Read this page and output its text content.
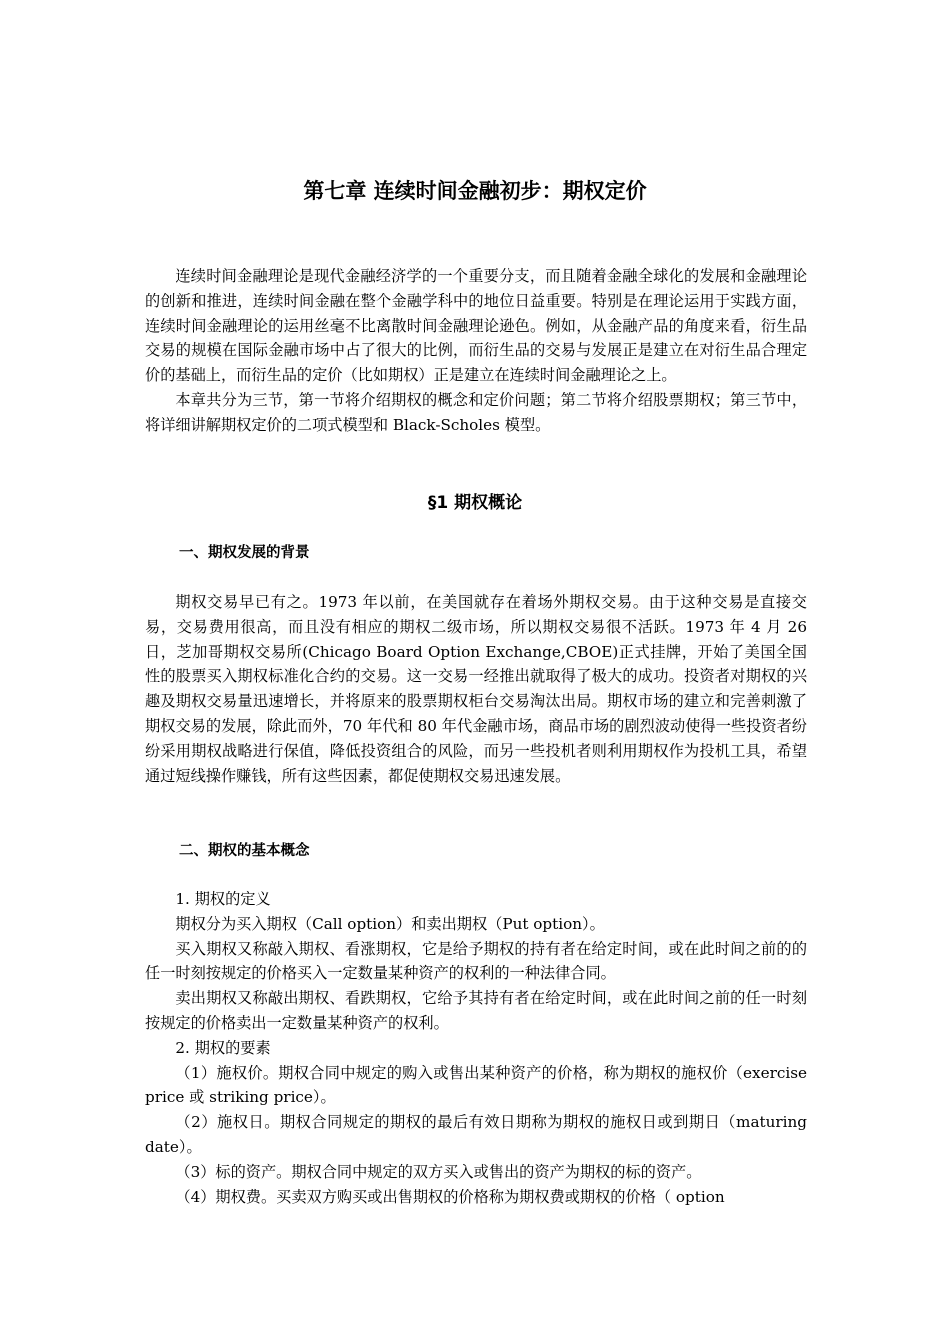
第七章 连续时间金融初步：期权定价

连续时间金融理论是现代金融经济学的一个重要分支，而且随着金融全球化的发展和金融理论的创新和推进，连续时间金融在整个金融学科中的地位日益重要。特别是在理论运用于实践方面，连续时间金融理论的运用丝毫不比离散时间金融理论逊色。例如，从金融产品的角度来看，衍生品交易的规模在国际金融市场中占了很大的比例，而衍生品的交易与发展正是建立在对衍生品合理定价的基础上，而衍生品的定价（比如期权）正是建立在连续时间金融理论之上。

本章共分为三节，第一节将介绍期权的概念和定价问题；第二节将介绍股票期权；第三节中，将详细讲解期权定价的二项式模型和 Black-Scholes 模型。

§1 期权概论
一、期权发展的背景

期权交易早已有之。1973 年以前，在美国就存在着场外期权交易。由于这种交易是直接交易，交易费用很高，而且没有相应的期权二级市场，所以期权交易很不活跃。1973 年 4 月 26 日，芝加哥期权交易所(Chicago Board Option Exchange,CBOE)正式挂牌，开始了美国全国性的股票买入期权标准化合约的交易。这一交易一经推出就取得了极大的成功。投资者对期权的兴趣及期权交易量迅速增长，并将原来的股票期权柜台交易淘汰出局。期权市场的建立和完善刺激了期权交易的发展，除此而外，70 年代和 80 年代金融市场，商品市场的剧烈波动使得一些投资者纷纷采用期权战略进行保值，降低投资组合的风险，而另一些投机者则利用期权作为投机工具，希望通过短线操作赚钱，所有这些因素，都促使期权交易迅速发展。

二、期权的基本概念

1. 期权的定义

期权分为买入期权（Call option）和卖出期权（Put option）。

买入期权又称敲入期权、看涨期权，它是给予期权的持有者在给定时间，或在此时间之前的的任一时刻按规定的价格买入一定数量某种资产的权利的一种法律合同。

卖出期权又称敲出期权、看跌期权，它给予其持有者在给定时间，或在此时间之前的任一时刻按规定的价格卖出一定数量某种资产的权利。

2. 期权的要素

（1）施权价。期权合同中规定的购入或售出某种资产的价格，称为期权的施权价（exercise price 或 striking price）。

（2）施权日。期权合同规定的期权的最后有效日期称为期权的施权日或到期日（maturing date）。

（3）标的资产。期权合同中规定的双方买入或售出的资产为期权的标的资产。

（4）期权费。买卖双方购买或出售期权的价格称为期权费或期权的价格（ option
